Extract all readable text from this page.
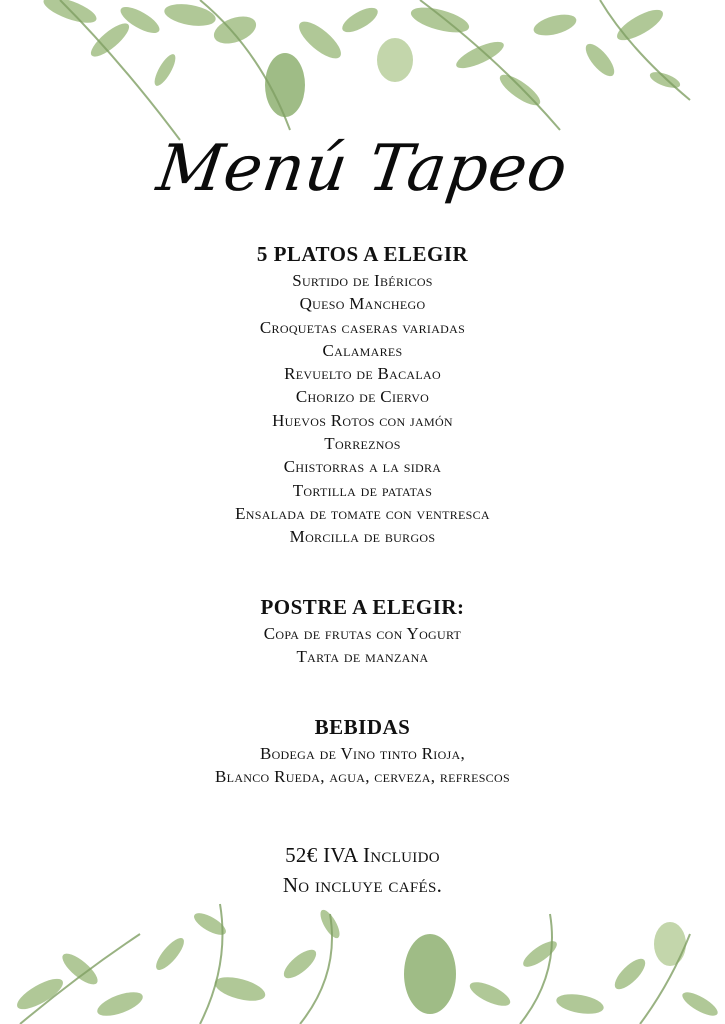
Menú Tapeo
5 PLATOS A ELEGIR
Surtido de Ibéricos
Queso Manchego
Croquetas caseras variadas
Calamares
Revuelto de Bacalao
Chorizo de Ciervo
Huevos Rotos con jamón
Torreznos
Chistorras a la sidra
Tortilla de patatas
Ensalada de tomate con ventresca
Morcilla de burgos
POSTRE A ELEGIR:
Copa de frutas con Yogurt
Tarta de manzana
BEBIDAS
Bodega de Vino tinto Rioja,
Blanco Rueda, agua, cerveza, refrescos
52€ IVA Incluido
No incluye cafés.
